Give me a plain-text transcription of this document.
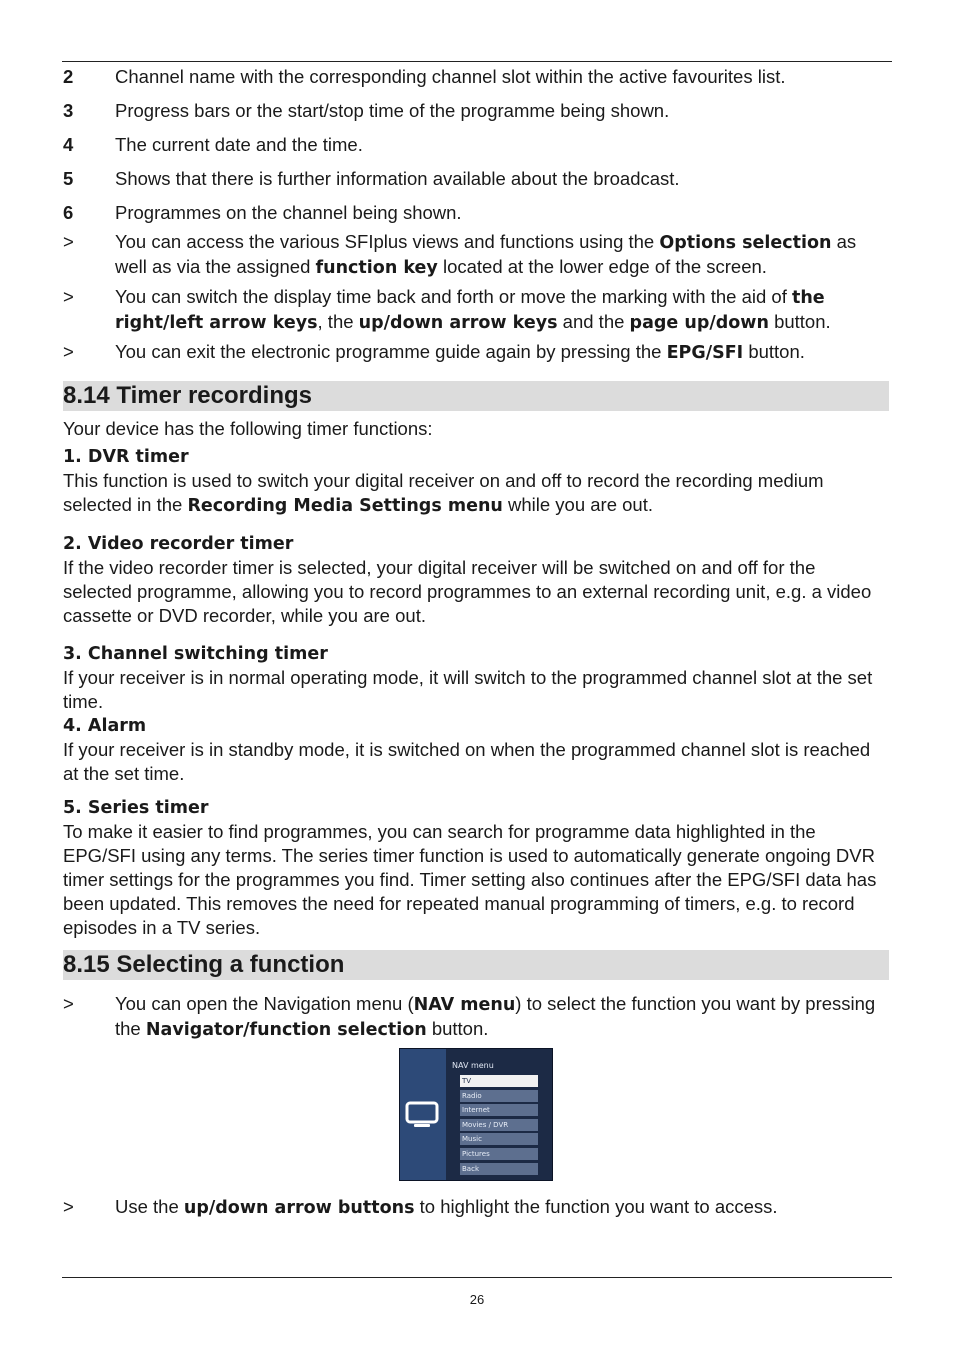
2	Channel name with the corresponding channel slot within the active favourites list.
3	Progress bars or the start/stop time of the programme being shown.
4	The current date and the time.
5	Shows that there is further information available about the broadcast.
6	Programmes on the channel being shown.
>	You can access the various SFIplus views and functions using the Options selection as well as via the assigned function key located at the lower edge of the screen.
>	You can switch the display time back and forth or move the marking with the aid of the right/left arrow keys, the up/down arrow keys and the page up/down button.
>	You can exit the electronic programme guide again by pressing the EPG/SFI button.
8.14 Timer recordings

Your device has the following timer functions:

1. DVR timer

This function is used to switch your digital receiver on and off to record the recording medium selected in the Recording Media Settings menu while you are out.

2. Video recorder timer

If the video recorder timer is selected, your digital receiver will be switched on and off for the selected programme, allowing you to record programmes to an external recording unit, e.g. a video cassette or DVD recorder, while you are out.

3. Channel switching timer

If your receiver is in normal operating mode, it will switch to the programmed channel slot at the set time.

4. Alarm

If your receiver is in standby mode, it is switched on when the programmed channel slot is reached at the set time.

5. Series timer

To make it easier to find programmes, you can search for programme data highlighted in the EPG/SFI using any terms. The series timer function is used to automatically generate ongoing DVR timer settings for the programmes you find. Timer setting also continues after the EPG/SFI data has been updated. This removes the need for repeated manual programming of timers, e.g. to record episodes in a TV series.

8.15 Selecting a function
>	You can open the Navigation menu (NAV menu) to select the function you want by pressing the Navigator/function selection button.
NAV menu
TV
Radio
Internet
Movies / DVR
Music
Pictures
Back
>	Use the up/down arrow buttons to highlight the function you want to access.
26
